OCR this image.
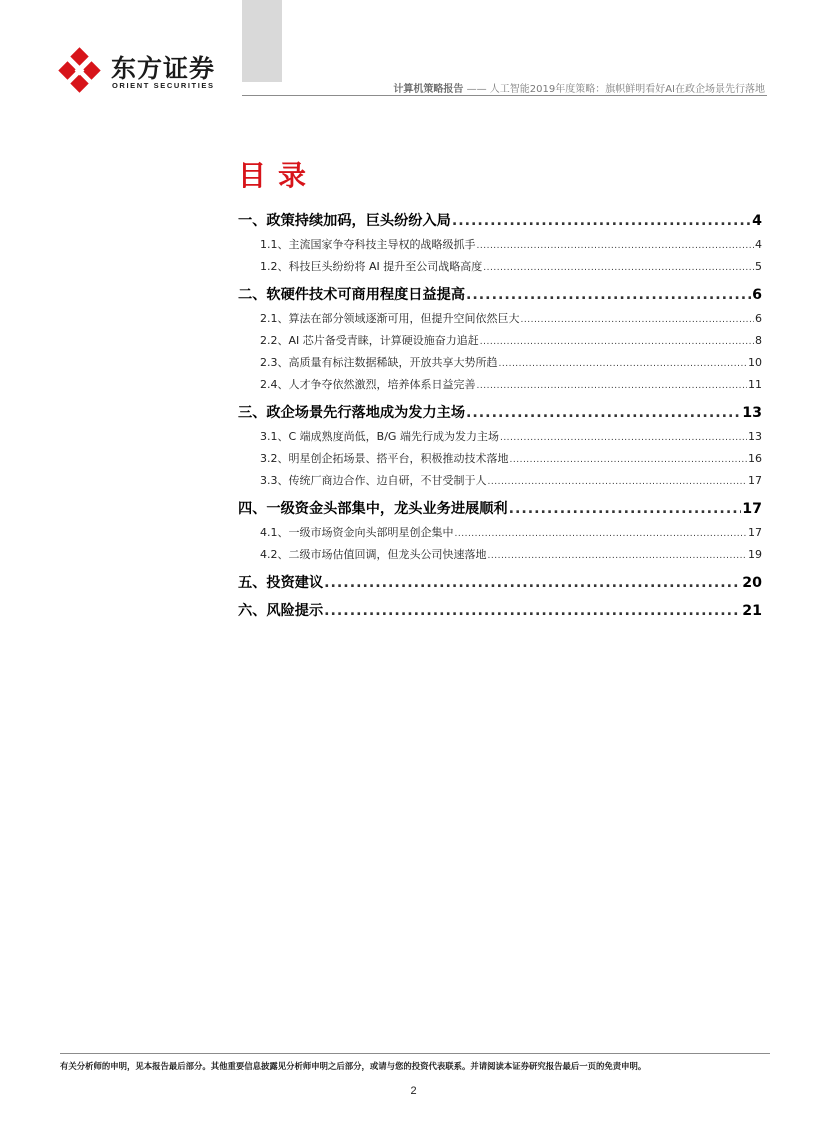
东方证券
ORIENT SECURITIES	计算机策略报告 —— 人工智能2019年度策略：旗帜鲜明看好AI在政企场景先行落地
目录
一、政策持续加码，巨头纷纷入局 .....	4
1.1、主流国家争夺科技主导权的战略级抓手 .....	4
1.2、科技巨头纷纷将 AI 提升至公司战略高度 .....	5
二、软硬件技术可商用程度日益提高 .....	6
2.1、算法在部分领域逐渐可用，但提升空间依然巨大 .....	6
2.2、AI 芯片备受青睐，计算硬设施奋力追赶 .....	8
2.3、高质量有标注数据稀缺，开放共享大势所趋 .....	10
2.4、人才争夺依然激烈，培养体系日益完善 .....	11
三、政企场景先行落地成为发力主场 .....	13
3.1、C 端成熟度尚低，B/G 端先行成为发力主场 .....	13
3.2、明星创企拓场景、搭平台，积极推动技术落地 .....	16
3.3、传统厂商边合作、边自研，不甘受制于人 .....	17
四、一级资金头部集中，龙头业务进展顺利 .....	17
4.1、一级市场资金向头部明星创企集中 .....	17
4.2、二级市场估值回调，但龙头公司快速落地 .....	19
五、投资建议 .....	20
六、风险提示 .....	21
有关分析师的申明，见本报告最后部分。其他重要信息披露见分析师申明之后部分，或请与您的投资代表联系。并请阅读本证券研究报告最后一页的免责申明。
2
